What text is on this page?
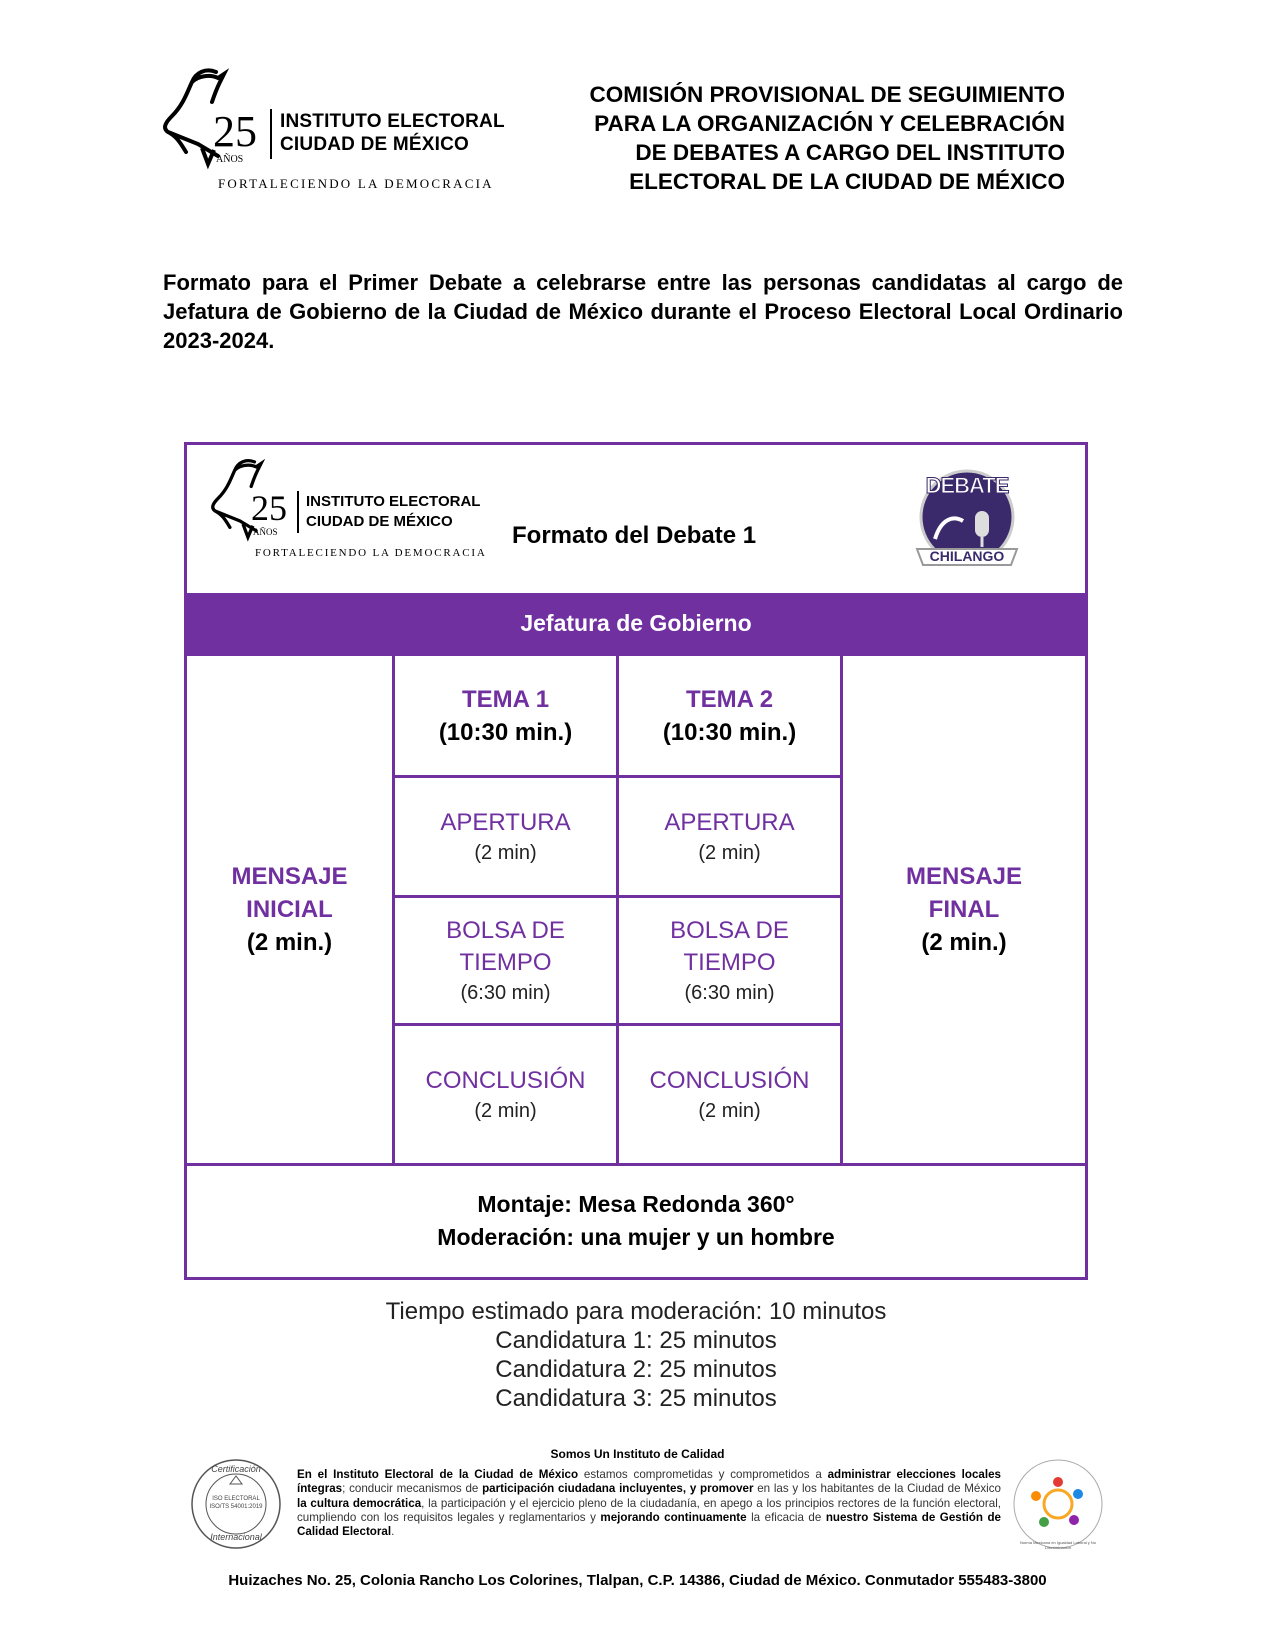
25
AÑOS
INSTITUTO ELECTORAL
CIUDAD DE MÉXICO
FORTALECIENDO LA DEMOCRACIA
COMISIÓN PROVISIONAL DE SEGUIMIENTO
PARA LA ORGANIZACIÓN Y CELEBRACIÓN
DE DEBATES A CARGO DEL INSTITUTO
ELECTORAL DE LA CIUDAD DE MÉXICO
Formato para el Primer Debate a celebrarse entre las personas candidatas al cargo de Jefatura de Gobierno de la Ciudad de México durante el Proceso Electoral Local Ordinario 2023-2024.
25
AÑOS
INSTITUTO ELECTORAL
CIUDAD DE MÉXICO
FORTALECIENDO LA DEMOCRACIA
Formato del Debate 1
DEBATE
CHILANGO
Jefatura de Gobierno
MENSAJE
INICIAL
(2 min.)
MENSAJE
FINAL
(2 min.)
TEMA 1
(10:30 min.)
APERTURA
(2 min)
BOLSA DE
TIEMPO
(6:30 min)
CONCLUSIÓN
(2 min)
TEMA 2
(10:30 min.)
APERTURA
(2 min)
BOLSA DE
TIEMPO
(6:30 min)
CONCLUSIÓN
(2 min)
Montaje: Mesa Redonda 360°
Moderación: una mujer y un hombre
Tiempo estimado para moderación: 10 minutos
Candidatura 1: 25 minutos
Candidatura 2: 25 minutos
Candidatura 3: 25 minutos
Somos Un Instituto de Calidad
Certificación
ISO ELECTORAL
ISO/TS 54001:2019
Internacional
En el Instituto Electoral de la Ciudad de México estamos comprometidas y comprometidos a administrar elecciones locales íntegras; conducir mecanismos de participación ciudadana incluyentes, y promover en las y los habitantes de la Ciudad de México la cultura democrática, la participación y el ejercicio pleno de la ciudadanía, en apego a los principios rectores de la función electoral, cumpliendo con los requisitos legales y reglamentarios y mejorando continuamente la eficacia de nuestro Sistema de Gestión de Calidad Electoral.
Norma Mexicana en Igualdad Laboral y No Discriminación
Huizaches No. 25, Colonia Rancho Los Colorines, Tlalpan, C.P. 14386, Ciudad de México. Conmutador 555483-3800
